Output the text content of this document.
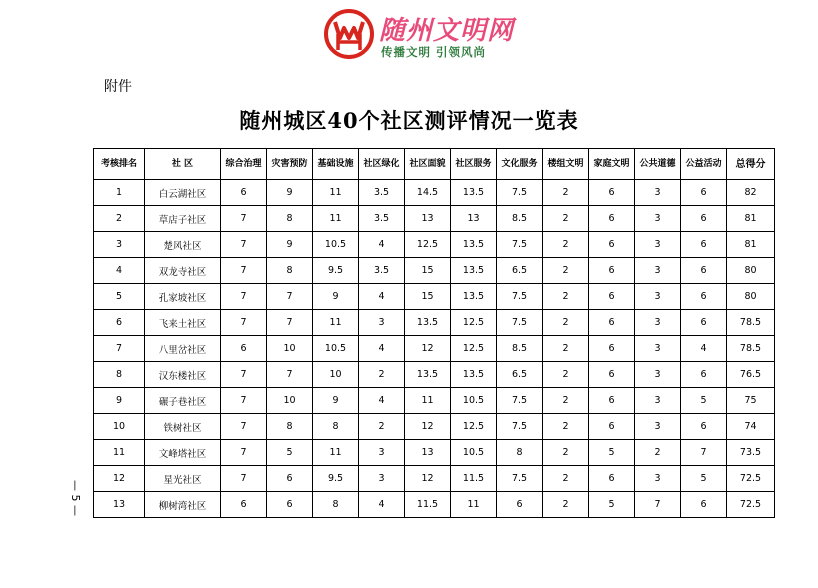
随州文明网
传播文明 引领风尚
附件
随州城区40个社区测评情况一览表
考核排名	社 区	综合治理	灾害预防	基础设施	社区绿化	社区面貌	社区服务	文化服务	楼组文明	家庭文明	公共道德	公益活动	总得分
1	白云湖社区	6	9	11	3.5	14.5	13.5	7.5	2	6	3	6	82
2	草店子社区	7	8	11	3.5	13	13	8.5	2	6	3	6	81
3	楚风社区	7	9	10.5	4	12.5	13.5	7.5	2	6	3	6	81
4	双龙寺社区	7	8	9.5	3.5	15	13.5	6.5	2	6	3	6	80
5	孔家坡社区	7	7	9	4	15	13.5	7.5	2	6	3	6	80
6	飞来土社区	7	7	11	3	13.5	12.5	7.5	2	6	3	6	78.5
7	八里岔社区	6	10	10.5	4	12	12.5	8.5	2	6	3	4	78.5
8	汉东楼社区	7	7	10	2	13.5	13.5	6.5	2	6	3	6	76.5
9	碾子巷社区	7	10	9	4	11	10.5	7.5	2	6	3	5	75
10	铁树社区	7	8	8	2	12	12.5	7.5	2	6	3	6	74
11	文峰塔社区	7	5	11	3	13	10.5	8	2	5	2	7	73.5
12	星光社区	7	6	9.5	3	12	11.5	7.5	2	6	3	5	72.5
13	柳树湾社区	6	6	8	4	11.5	11	6	2	5	7	6	72.5
— 5 —
